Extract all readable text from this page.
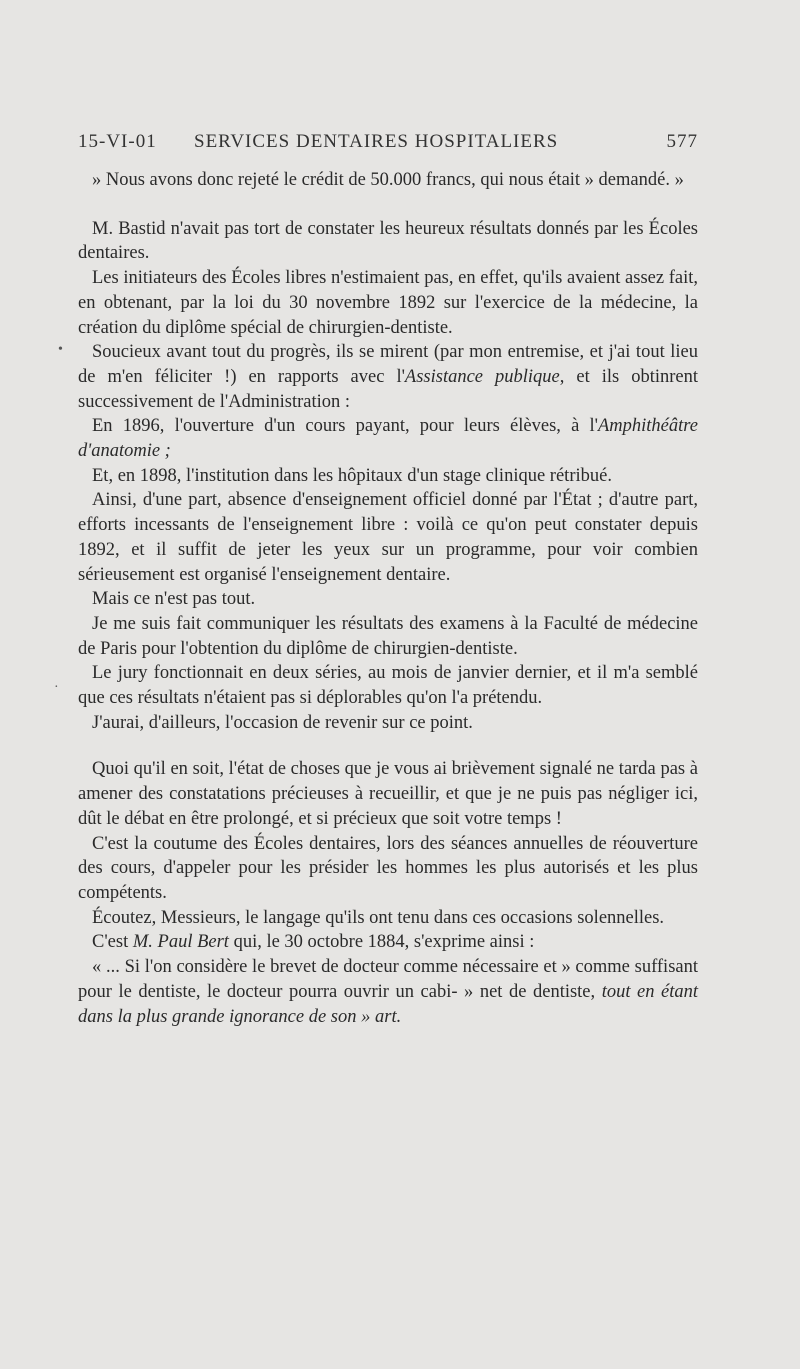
15-VI-01 SERVICES DENTAIRES HOSPITALIERS	577

» Nous avons donc rejeté le crédit de 50.000 francs, qui nous était » demandé. »

M. Bastid n'avait pas tort de constater les heureux résultats donnés par les Écoles dentaires.

Les initiateurs des Écoles libres n'estimaient pas, en effet, qu'ils avaient assez fait, en obtenant, par la loi du 30 novembre 1892 sur l'exercice de la médecine, la création du diplôme spécial de chirurgien-dentiste.

Soucieux avant tout du progrès, ils se mirent (par mon entremise, et j'ai tout lieu de m'en féliciter !) en rapports avec l'Assistance publique, et ils obtinrent successivement de l'Administration :

En 1896, l'ouverture d'un cours payant, pour leurs élèves, à l'Amphithéâtre d'anatomie ;

Et, en 1898, l'institution dans les hôpitaux d'un stage clinique rétribué.

Ainsi, d'une part, absence d'enseignement officiel donné par l'État ; d'autre part, efforts incessants de l'enseignement libre : voilà ce qu'on peut constater depuis 1892, et il suffit de jeter les yeux sur un programme, pour voir combien sérieusement est organisé l'enseignement dentaire.

Mais ce n'est pas tout.

Je me suis fait communiquer les résultats des examens à la Faculté de médecine de Paris pour l'obtention du diplôme de chirurgien-dentiste.

Le jury fonctionnait en deux séries, au mois de janvier dernier, et il m'a semblé que ces résultats n'étaient pas si déplorables qu'on l'a prétendu.

J'aurai, d'ailleurs, l'occasion de revenir sur ce point.

Quoi qu'il en soit, l'état de choses que je vous ai brièvement signalé ne tarda pas à amener des constatations précieuses à recueillir, et que je ne puis pas négliger ici, dût le débat en être prolongé, et si précieux que soit votre temps !

C'est la coutume des Écoles dentaires, lors des séances annuelles de réouverture des cours, d'appeler pour les présider les hommes les plus autorisés et les plus compétents.

Écoutez, Messieurs, le langage qu'ils ont tenu dans ces occasions solennelles.

C'est M. Paul Bert qui, le 30 octobre 1884, s'exprime ainsi :

« ... Si l'on considère le brevet de docteur comme nécessaire et » comme suffisant pour le dentiste, le docteur pourra ouvrir un cabi- » net de dentiste, tout en étant dans la plus grande ignorance de son » art.

•
·
